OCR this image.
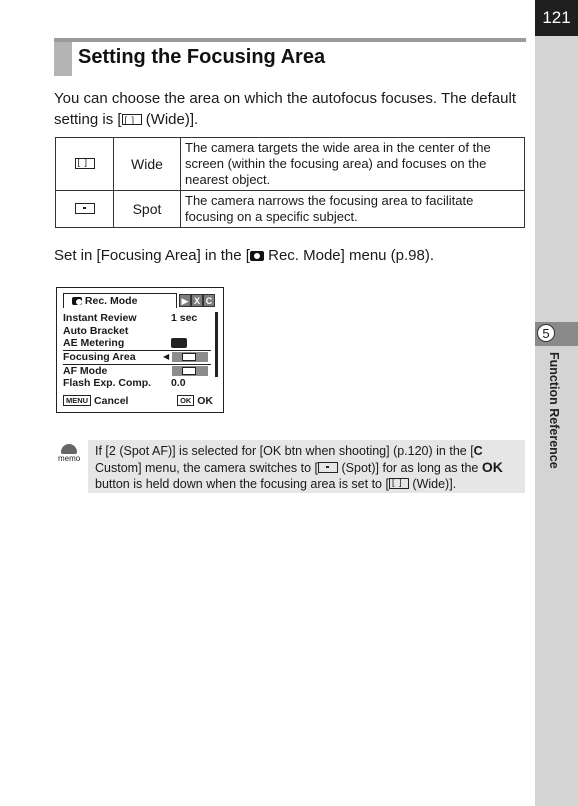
121
5
Function Reference
Setting the Focusing Area

You can choose the area on which the autofocus focuses. The default
setting is [[ ] (Wide)].

[ ]	Wide	The camera targets the wide area in the center of the screen (within the focusing area) and focuses on the nearest object.
	Spot	The camera narrows the focusing area to facilitate focusing on a specific subject.

Set in [Focusing Area] in the [ Rec. Mode] menu (p.98).

Rec. Mode	▶ X C
Instant Review	1 sec
Auto Bracket
AE Metering
Focusing Area	◀
AF Mode
Flash Exp. Comp. 0.0
MENU Cancel	OK OK
memo
If [2 (Spot AF)] is selected for [OK btn when shooting] (p.120) in the [C Custom] menu, the camera switches to [ (Spot)] for as long as the OK button is held down when the focusing area is set to [[ ] (Wide)].
